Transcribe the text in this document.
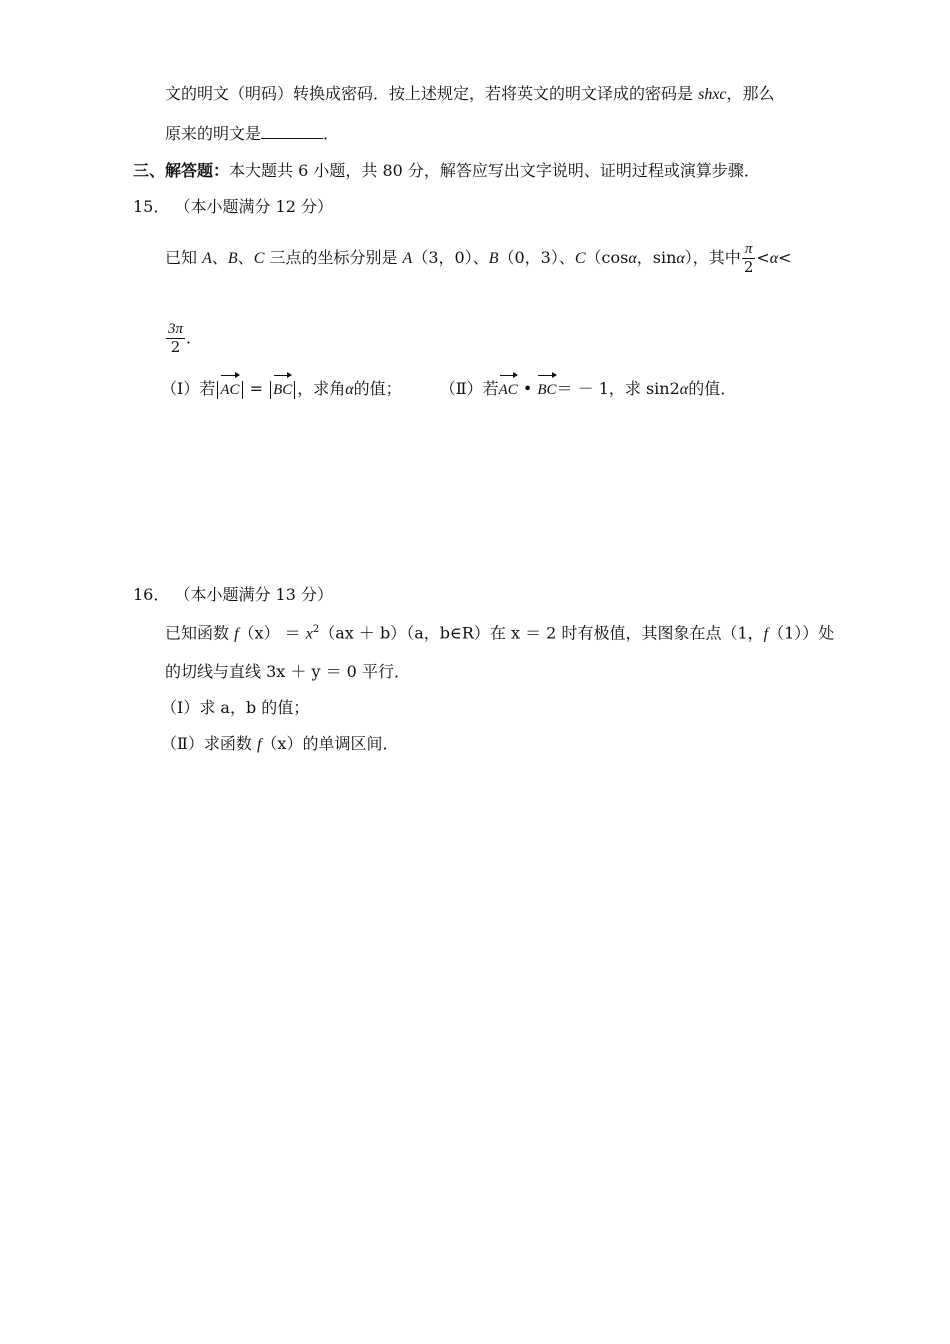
文的明文（明码）转换成密码．按上述规定，若将英文的明文译成的密码是 shxc，那么
原来的明文是	．
三、解答题：本大题共 6 小题，共 80 分，解答应写出文字说明、证明过程或演算步骤．
15． （本小题满分 12 分）
已知 A、B、C 三点的坐标分别是 A（3，0）、B（0，3）、C（cosα，sinα），其中 $\frac{\pi}{2} <\alpha<$
$\frac{3\pi}{2}$ ．
（Ⅰ）若 AC = BC ，求角α的值； （Ⅱ）若AC • BC＝ － 1，求 sin2α的值．
16． （本小题满分 13 分）
已知函数 $f(x) = x^2(ax + b)(a$，b∈R）在 x ＝ 2 时有极值，其图象在点（1，f（1））处
的切线与直线 3x ＋ y ＝ 0 平行．
（Ⅰ）求 a，b 的值；
（Ⅱ）求函数 f（x）的单调区间．
